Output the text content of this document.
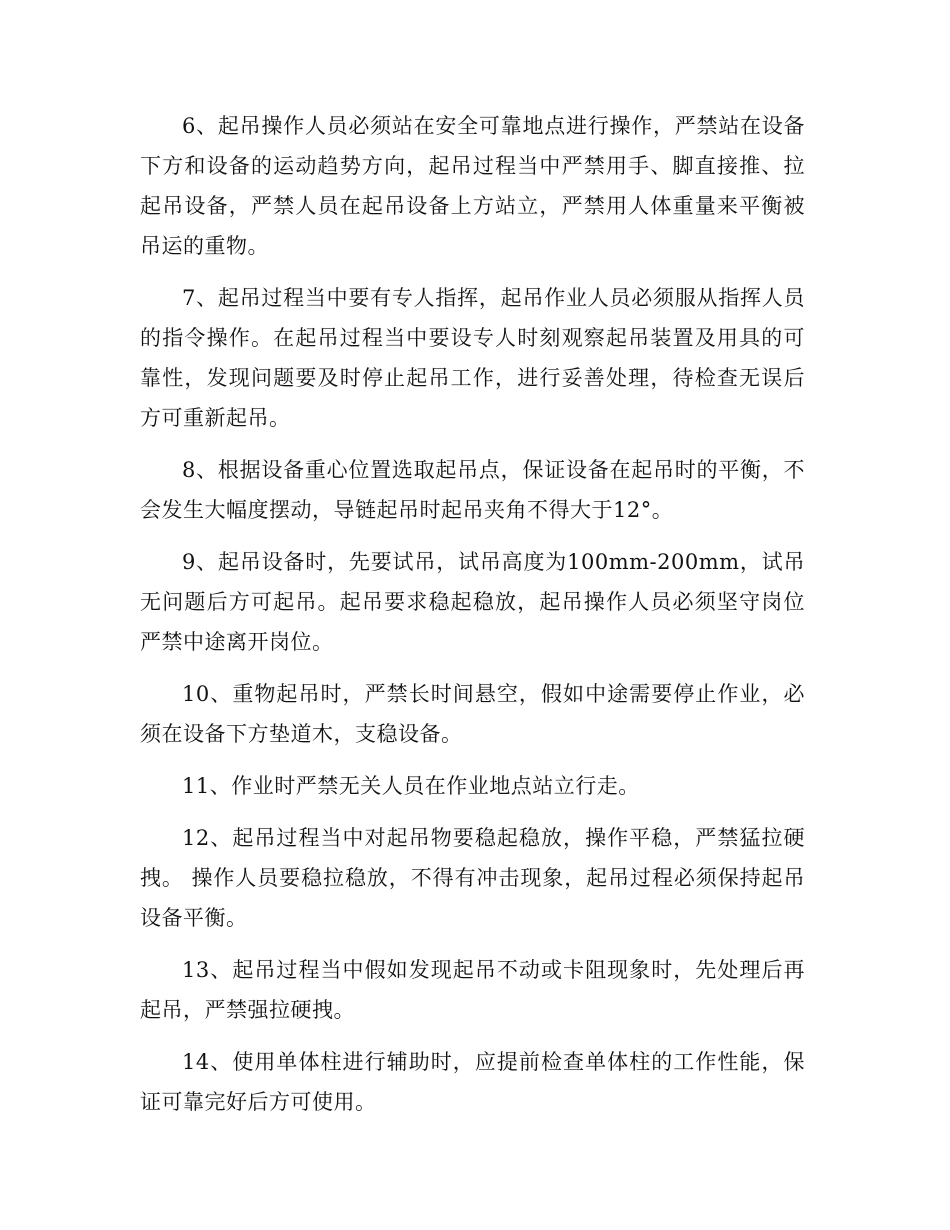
6、起吊操作人员必须站在安全可靠地点进行操作，严禁站在设备下方和设备的运动趋势方向，起吊过程当中严禁用手、脚直接推、拉起吊设备，严禁人员在起吊设备上方站立，严禁用人体重量来平衡被吊运的重物。

7、起吊过程当中要有专人指挥，起吊作业人员必须服从指挥人员的指令操作。在起吊过程当中要设专人时刻观察起吊装置及用具的可靠性，发现问题要及时停止起吊工作，进行妥善处理，待检查无误后方可重新起吊。

8、根据设备重心位置选取起吊点，保证设备在起吊时的平衡，不会发生大幅度摆动，导链起吊时起吊夹角不得大于12°。

9、起吊设备时，先要试吊，试吊高度为100mm-200mm，试吊无问题后方可起吊。起吊要求稳起稳放，起吊操作人员必须坚守岗位严禁中途离开岗位。

10、重物起吊时，严禁长时间悬空，假如中途需要停止作业，必须在设备下方垫道木，支稳设备。

11、作业时严禁无关人员在作业地点站立行走。

12、起吊过程当中对起吊物要稳起稳放，操作平稳，严禁猛拉硬拽。 操作人员要稳拉稳放，不得有冲击现象，起吊过程必须保持起吊设备平衡。

13、起吊过程当中假如发现起吊不动或卡阻现象时，先处理后再起吊，严禁强拉硬拽。

14、使用单体柱进行辅助时，应提前检查单体柱的工作性能，保证可靠完好后方可使用。
